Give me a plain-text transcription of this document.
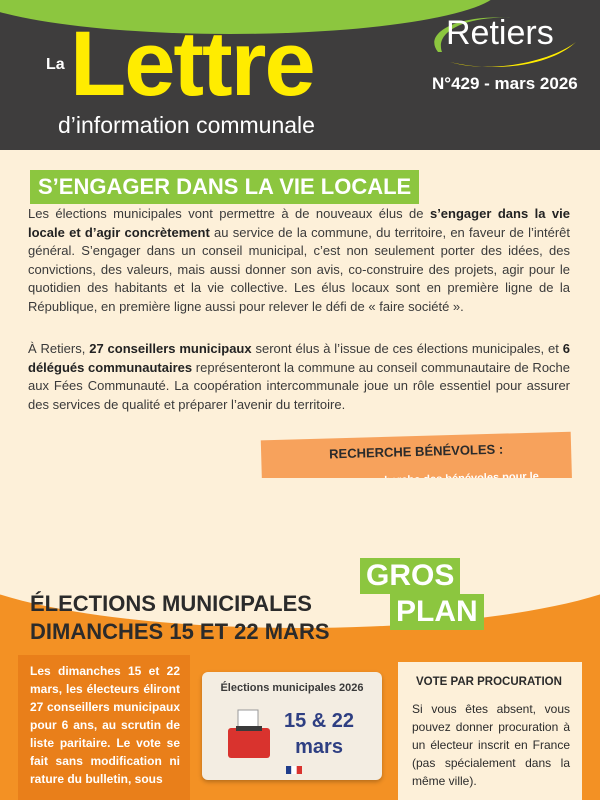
La Lettre
d’information communale
Retiers
N°429 - mars 2026
S’ENGAGER DANS LA VIE LOCALE
Les élections municipales vont permettre à de nouveaux élus de s’engager dans la vie locale et d’agir concrètement au service de la commune, du territoire, en faveur de l’intérêt général. S’engager dans un conseil municipal, c’est non seulement porter des idées, des convictions, des valeurs, mais aussi donner son avis, co-construire des projets, agir pour le quotidien des habitants et la vie collective. Les élus locaux sont en première ligne de la République, en première ligne aussi pour relever le défi de « faire société ».
À Retiers, 27 conseillers municipaux seront élus à l’issue de ces élections municipales, et 6 délégués communautaires représenteront la commune au conseil communautaire de Roche aux Fées Communauté. La coopération intercommunale joue un rôle essentiel pour assurer des services de qualité et préparer l’avenir du territoire.
RECHERCHE BÉNÉVOLES :
GROS
PLAN
ÉLECTIONS MUNICIPALES
DIMANCHES 15 ET 22 MARS
Les dimanches 15 et 22 mars, les électeurs éliront 27 conseillers municipaux pour 6 ans, au scrutin de liste paritaire. Le vote se fait sans modification ni rature du bulletin, sous
Élections municipales 2026
15 & 22
mars
VOTE PAR PROCURATION
Si vous êtes absent, vous pouvez donner procuration à un électeur inscrit en France (pas spécialement dans la même ville).
